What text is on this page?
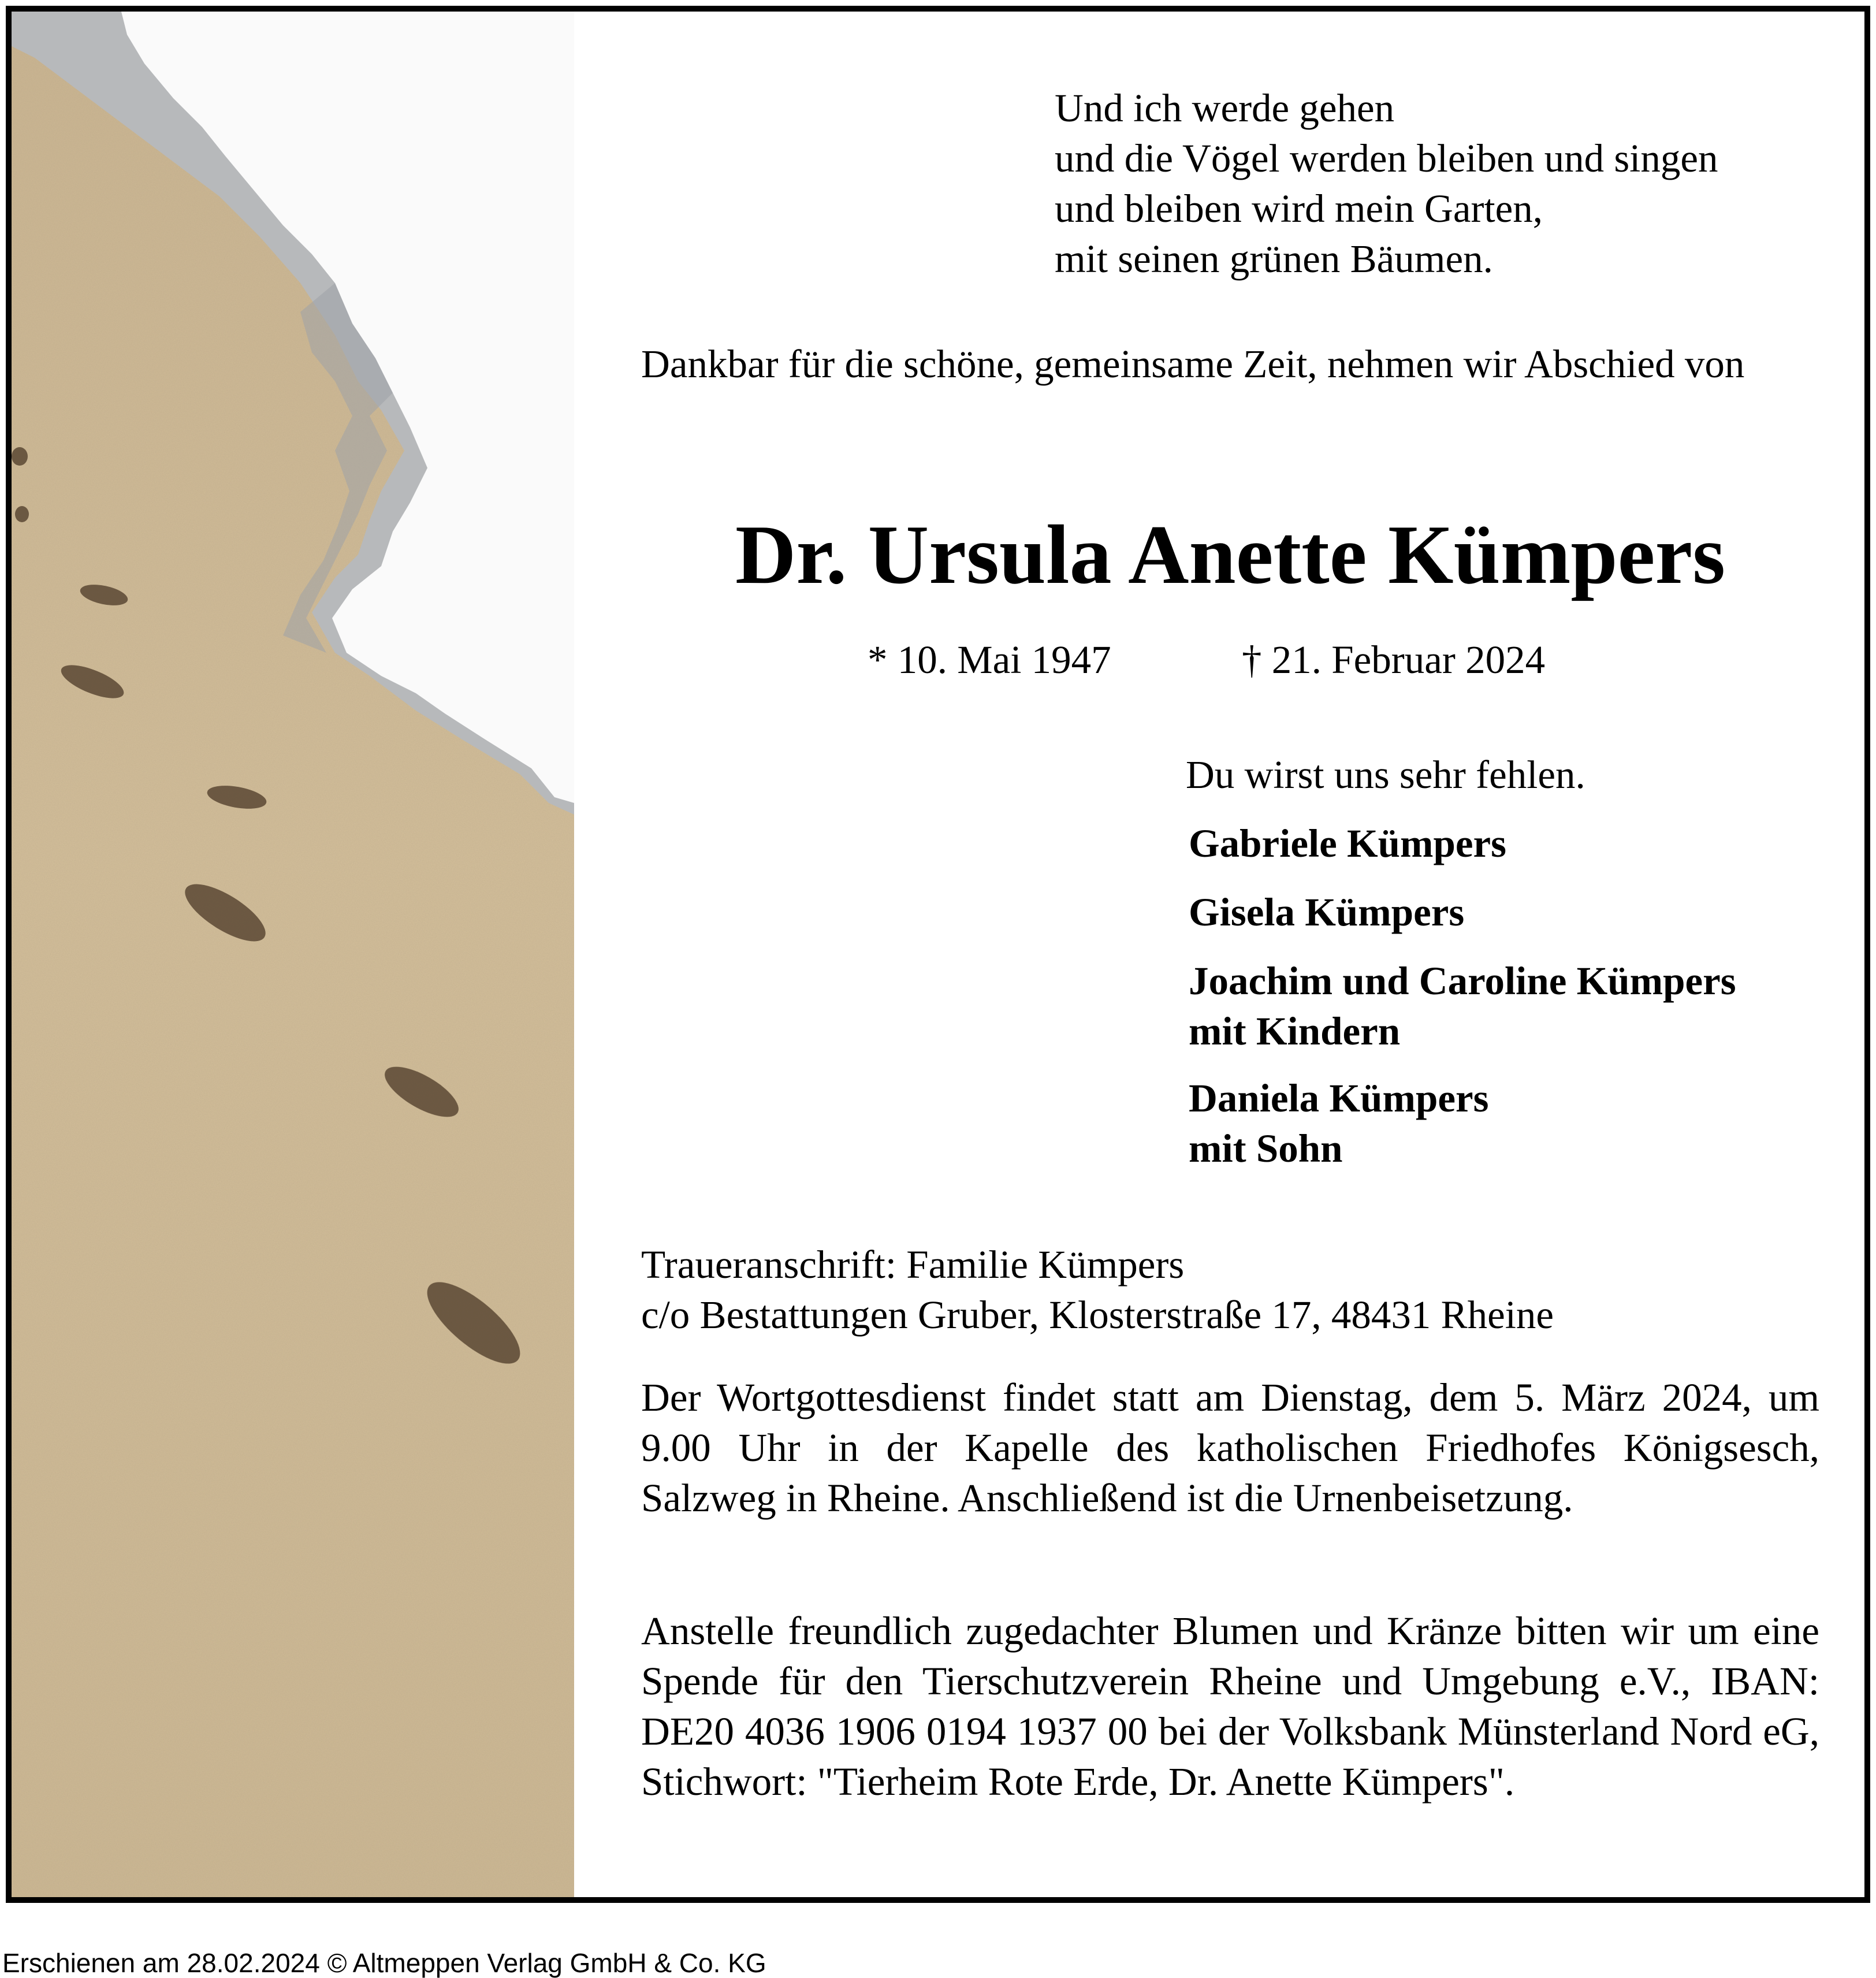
Und ich werde gehen
und die Vögel werden bleiben und singen
und bleiben wird mein Garten,
mit seinen grünen Bäumen.

Dankbar für die schöne, gemeinsame Zeit, nehmen wir Abschied von

Dr. Ursula Anette Kümpers
* 10. Mai 1947	† 21. Februar 2024
Du wirst uns sehr fehlen.
Gabriele Kümpers
Gisela Kümpers
Joachim und Caroline Kümpers
mit Kindern
Daniela Kümpers
mit Sohn
Traueranschrift: Familie Kümpers
c/o Bestattungen Gruber, Klosterstraße 17, 48431 Rheine

Der Wortgottesdienst findet statt am Dienstag, dem 5. März 2024, um 9.00 Uhr in der Kapelle des katholischen Friedhofes Königsesch, Salzweg in Rheine. Anschließend ist die Urnenbeisetzung.

Anstelle freundlich zugedachter Blumen und Kränze bitten wir um eine Spende für den Tierschutzverein Rheine und Umgebung e.V., IBAN: DE20 4036 1906 0194 1937 00 bei der Volksbank Münsterland Nord eG, Stichwort: "Tierheim Rote Erde, Dr. Anette Kümpers".

Erschienen am 28.02.2024 © Altmeppen Verlag GmbH & Co. KG
